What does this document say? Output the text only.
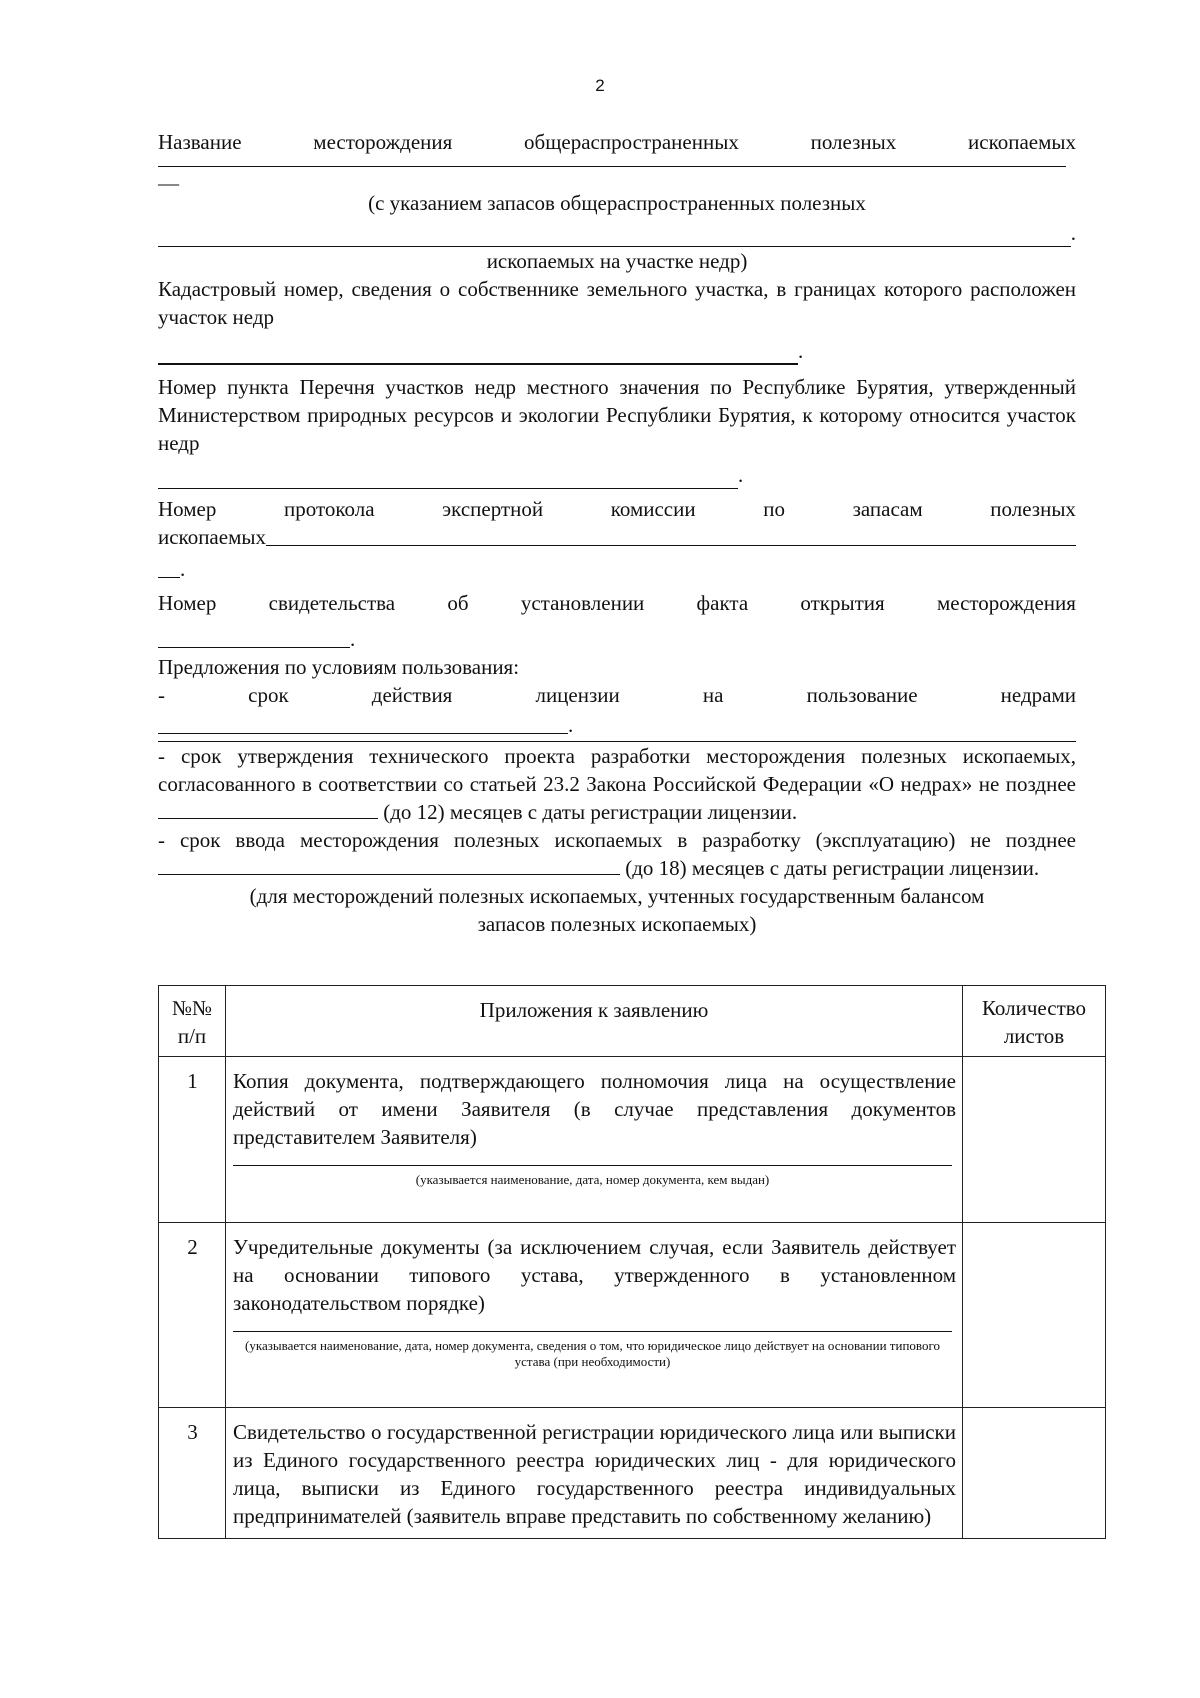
2
Название	месторождения	общераспространенных	полезных	ископаемых
—
(с указанием запасов общераспространенных полезных
.
ископаемых на участке недр)
Кадастровый номер, сведения о собственнике земельного участка, в границах которого расположен участок недр
.
Номер пункта Перечня участков недр местного значения по Республике Бурятия, утвержденный Министерством природных ресурсов и экологии Республики Бурятия, к которому относится участок недр
.
Номер	протокола	экспертной	комиссии	по	запасам	полезных
ископаемых
.
Номер свидетельства об установлении факта открытия месторождения
.
Предложения по условиям пользования:
-	срок	действия	лицензии	на	пользование	недрами
.
- срок утверждения технического проекта разработки месторождения полезных ископаемых, согласованного в соответствии со статьей 23.2 Закона Российской Федерации «О недрах» не позднее  (до 12) месяцев с даты регистрации лицензии.
- срок ввода месторождения полезных ископаемых в разработку (эксплуатацию) не позднее  (до 18) месяцев с даты регистрации лицензии.
(для месторождений полезных ископаемых, учтенных государственным балансом
запасов полезных ископаемых)
№№ п/п	Приложения к заявлению	Количество листов

1	Копия документа, подтверждающего полномочия лица на осуществление действий от имени Заявителя (в случае представления документов представителем Заявителя)
(указывается наименование, дата, номер документа, кем выдан)	

2	Учредительные документы (за исключением случая, если Заявитель действует на основании типового устава, утвержденного в установленном законодательством порядке)
(указывается наименование, дата, номер документа, сведения о том, что юридическое лицо действует на основании типового устава (при необходимости)	

3	Свидетельство о государственной регистрации юридического лица или выписки из Единого государственного реестра юридических лиц - для юридического лица, выписки из Единого государственного реестра индивидуальных предпринимателей (заявитель вправе представить по собственному желанию)	
